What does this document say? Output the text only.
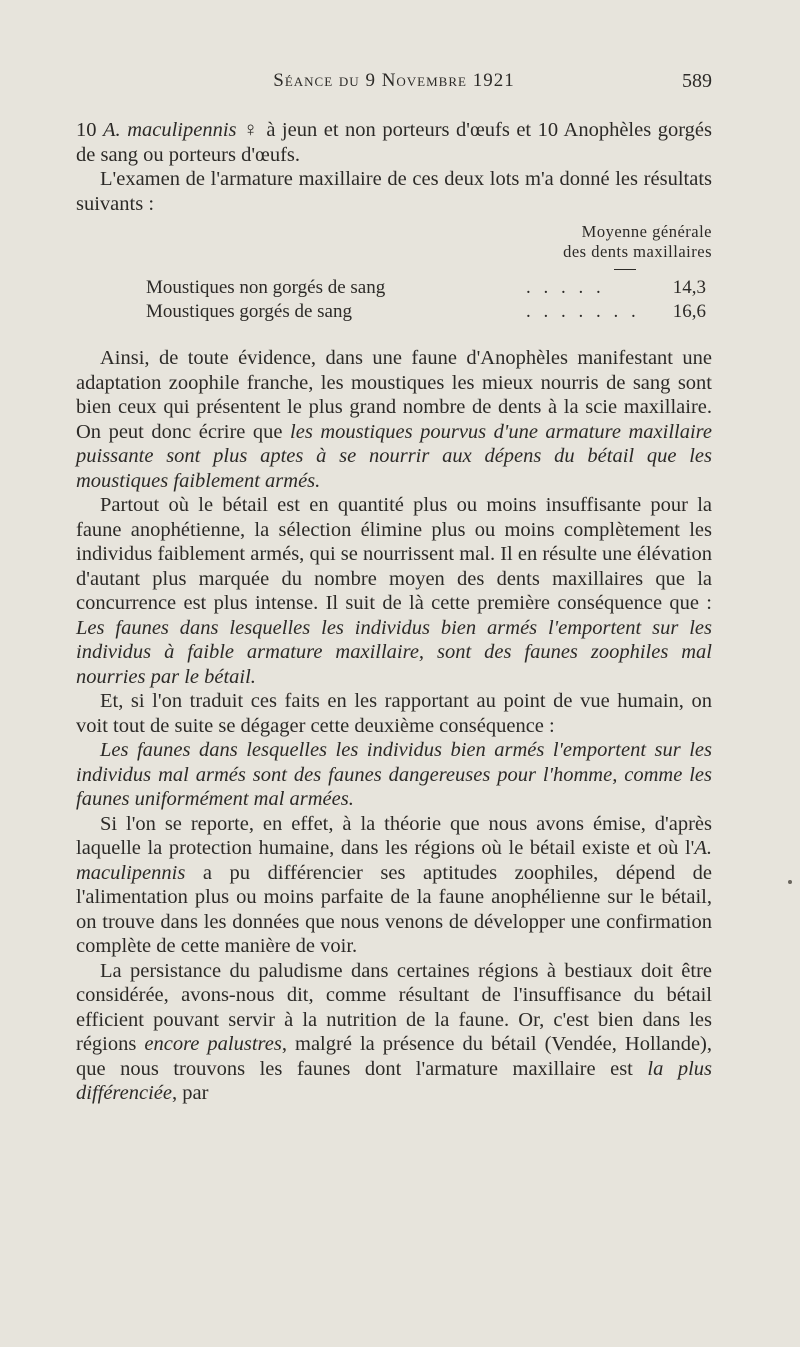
Séance du 9 Novembre 1921	589

10 A. maculipennis ♀ à jeun et non porteurs d'œufs et 10 Anophèles gorgés de sang ou porteurs d'œufs.

L'examen de l'armature maxillaire de ces deux lots m'a donné les résultats suivants :

Moyenne générale
des dents maxillaires
Moustiques non gorgés de sang	. . . . .	14,3
Moustiques gorgés de sang	. . . . . . .	16,6

Ainsi, de toute évidence, dans une faune d'Anophèles manifestant une adaptation zoophile franche, les moustiques les mieux nourris de sang sont bien ceux qui présentent le plus grand nombre de dents à la scie maxillaire. On peut donc écrire que les moustiques pourvus d'une armature maxillaire puissante sont plus aptes à se nourrir aux dépens du bétail que les moustiques faiblement armés.

Partout où le bétail est en quantité plus ou moins insuffisante pour la faune anophétienne, la sélection élimine plus ou moins complètement les individus faiblement armés, qui se nourrissent mal. Il en résulte une élévation d'autant plus marquée du nombre moyen des dents maxillaires que la concurrence est plus intense. Il suit de là cette première conséquence que : Les faunes dans lesquelles les individus bien armés l'emportent sur les individus à faible armature maxillaire, sont des faunes zoophiles mal nourries par le bétail.

Et, si l'on traduit ces faits en les rapportant au point de vue humain, on voit tout de suite se dégager cette deuxième conséquence :

Les faunes dans lesquelles les individus bien armés l'emportent sur les individus mal armés sont des faunes dangereuses pour l'homme, comme les faunes uniformément mal armées.

Si l'on se reporte, en effet, à la théorie que nous avons émise, d'après laquelle la protection humaine, dans les régions où le bétail existe et où l'A. maculipennis a pu différencier ses aptitudes zoophiles, dépend de l'alimentation plus ou moins parfaite de la faune anophélienne sur le bétail, on trouve dans les données que nous venons de développer une confirmation complète de cette manière de voir.

La persistance du paludisme dans certaines régions à bestiaux doit être considérée, avons-nous dit, comme résultant de l'insuffisance du bétail efficient pouvant servir à la nutrition de la faune. Or, c'est bien dans les régions encore palustres, malgré la présence du bétail (Vendée, Hollande), que nous trouvons les faunes dont l'armature maxillaire est la plus différenciée, par
